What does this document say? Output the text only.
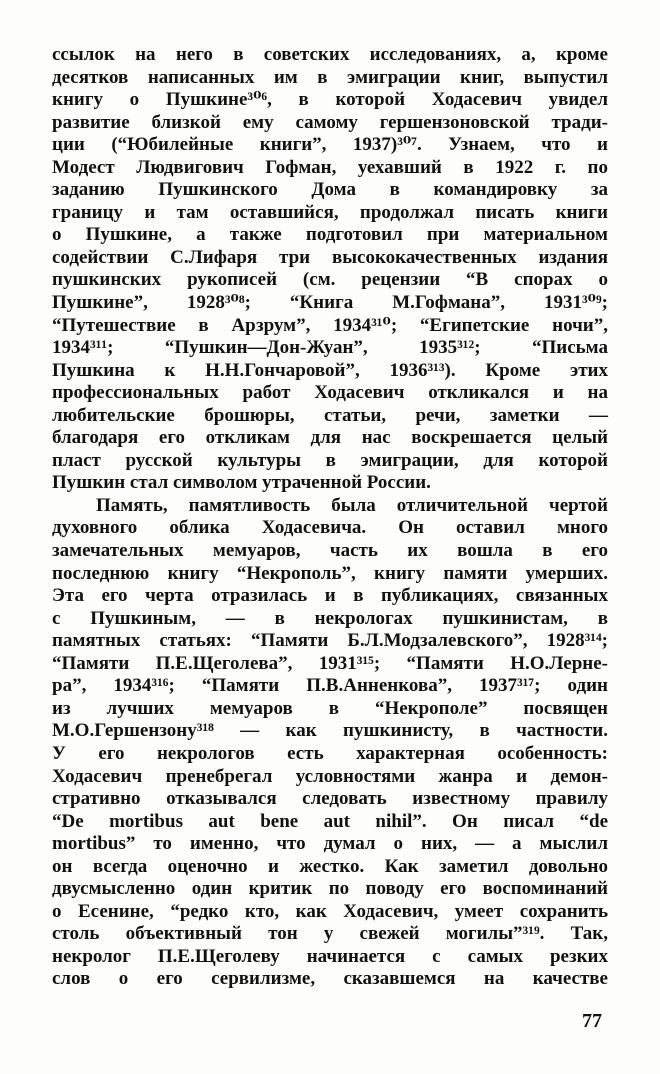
ссылок на него в советских исследованиях, а, кроме
десятков написанных им в эмиграции книг, выпустил
книгу о Пушкине³⁰⁶, в которой Ходасевич увидел
развитие близкой ему самому гершензоновской тради-
ции (“Юбилейные книги”, 1937)³⁰⁷. Узнаем, что и
Модест Людвигович Гофман, уехавший в 1922 г. по
заданию Пушкинского Дома в командировку за
границу и там оставшийся, продолжал писать книги
о Пушкине, а также подготовил при материальном
содействии С.Лифаря три высококачественных издания
пушкинских рукописей (см. рецензии “В спорах о
Пушкине”, 1928³⁰⁸; “Книга М.Гофмана”, 1931³⁰⁹;
“Путешествие в Арзрум”, 1934³¹⁰; “Египетские ночи”,
1934³¹¹; “Пушкин—Дон-Жуан”, 1935³¹²; “Письма
Пушкина к Н.Н.Гончаровой”, 1936³¹³). Кроме этих
профессиональных работ Ходасевич откликался и на
любительские брошюры, статьи, речи, заметки —
благодаря его откликам для нас воскрешается целый
пласт русской культуры в эмиграции, для которой
Пушкин стал символом утраченной России.
Память, памятливость была отличительной чертой
духовного облика Ходасевича. Он оставил много
замечательных мемуаров, часть их вошла в его
последнюю книгу “Некрополь”, книгу памяти умерших.
Эта его черта отразилась и в публикациях, связанных
с Пушкиным, — в некрологах пушкинистам, в
памятных статьях: “Памяти Б.Л.Модзалевского”, 1928³¹⁴;
“Памяти П.Е.Щеголева”, 1931³¹⁵; “Памяти Н.О.Лерне-
ра”, 1934³¹⁶; “Памяти П.В.Анненкова”, 1937³¹⁷; один
из лучших мемуаров в “Некрополе” посвящен
М.О.Гершензону³¹⁸ — как пушкинисту, в частности.
У его некрологов есть характерная особенность:
Ходасевич пренебрегал условностями жанра и демон-
стративно отказывался следовать известному правилу
“De mortibus aut bene aut nihil”. Он писал “de
mortibus” то именно, что думал о них, — а мыслил
он всегда оценочно и жестко. Как заметил довольно
двусмысленно один критик по поводу его воспоминаний
о Есенине, “редко кто, как Ходасевич, умеет сохранить
столь объективный тон у свежей могилы”³¹⁹. Так,
некролог П.Е.Щеголеву начинается с самых резких
слов о его сервилизме, сказавшемся на качестве
77
